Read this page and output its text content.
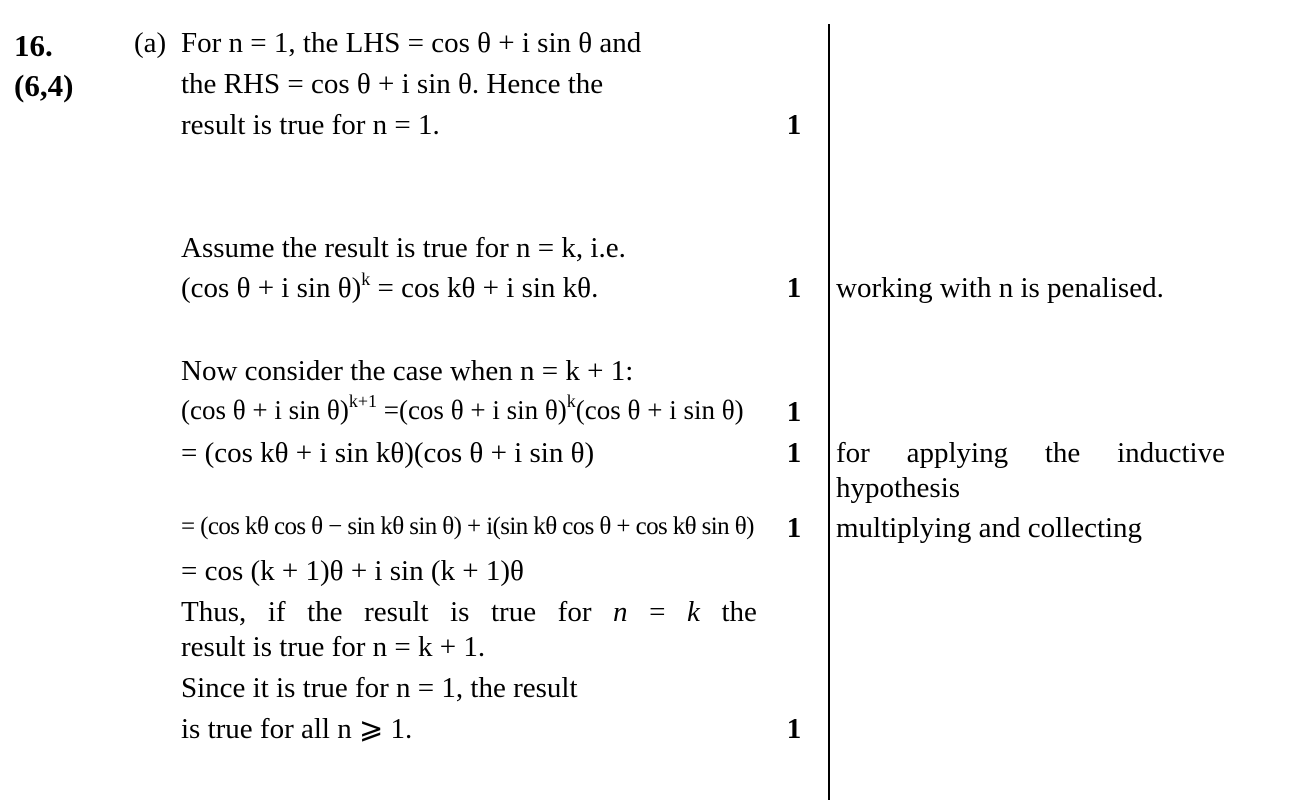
16.
(6,4)
(a) For n = 1, the LHS = cos θ + i sin θ and
the RHS = cos θ + i sin θ. Hence the
result is true for n = 1.	1
Assume the result is true for n = k, i.e.
(cos θ + i sin θ)$^k$ = cos kθ + i sin kθ.	1 working with n is penalised.
Now consider the case when n = k + 1:
(cos θ + i sin θ)$^{k+1}$ =(cos θ + i sin θ)$^k$(cos θ + i sin θ) 1
= (cos kθ + i sin kθ)(cos θ + i sin θ)	1 for applying the inductive
hypothesis
= (cos kθ cos θ − sin kθ sin θ) + i(sin kθ cos θ + cos kθ sin θ) 1 multiplying and collecting
= cos (k + 1)θ + i sin (k + 1)θ
Thus, if the result is true for n = k the
result is true for n = k + 1.
Since it is true for n = 1, the result
is true for all n ⩾ 1.	1
